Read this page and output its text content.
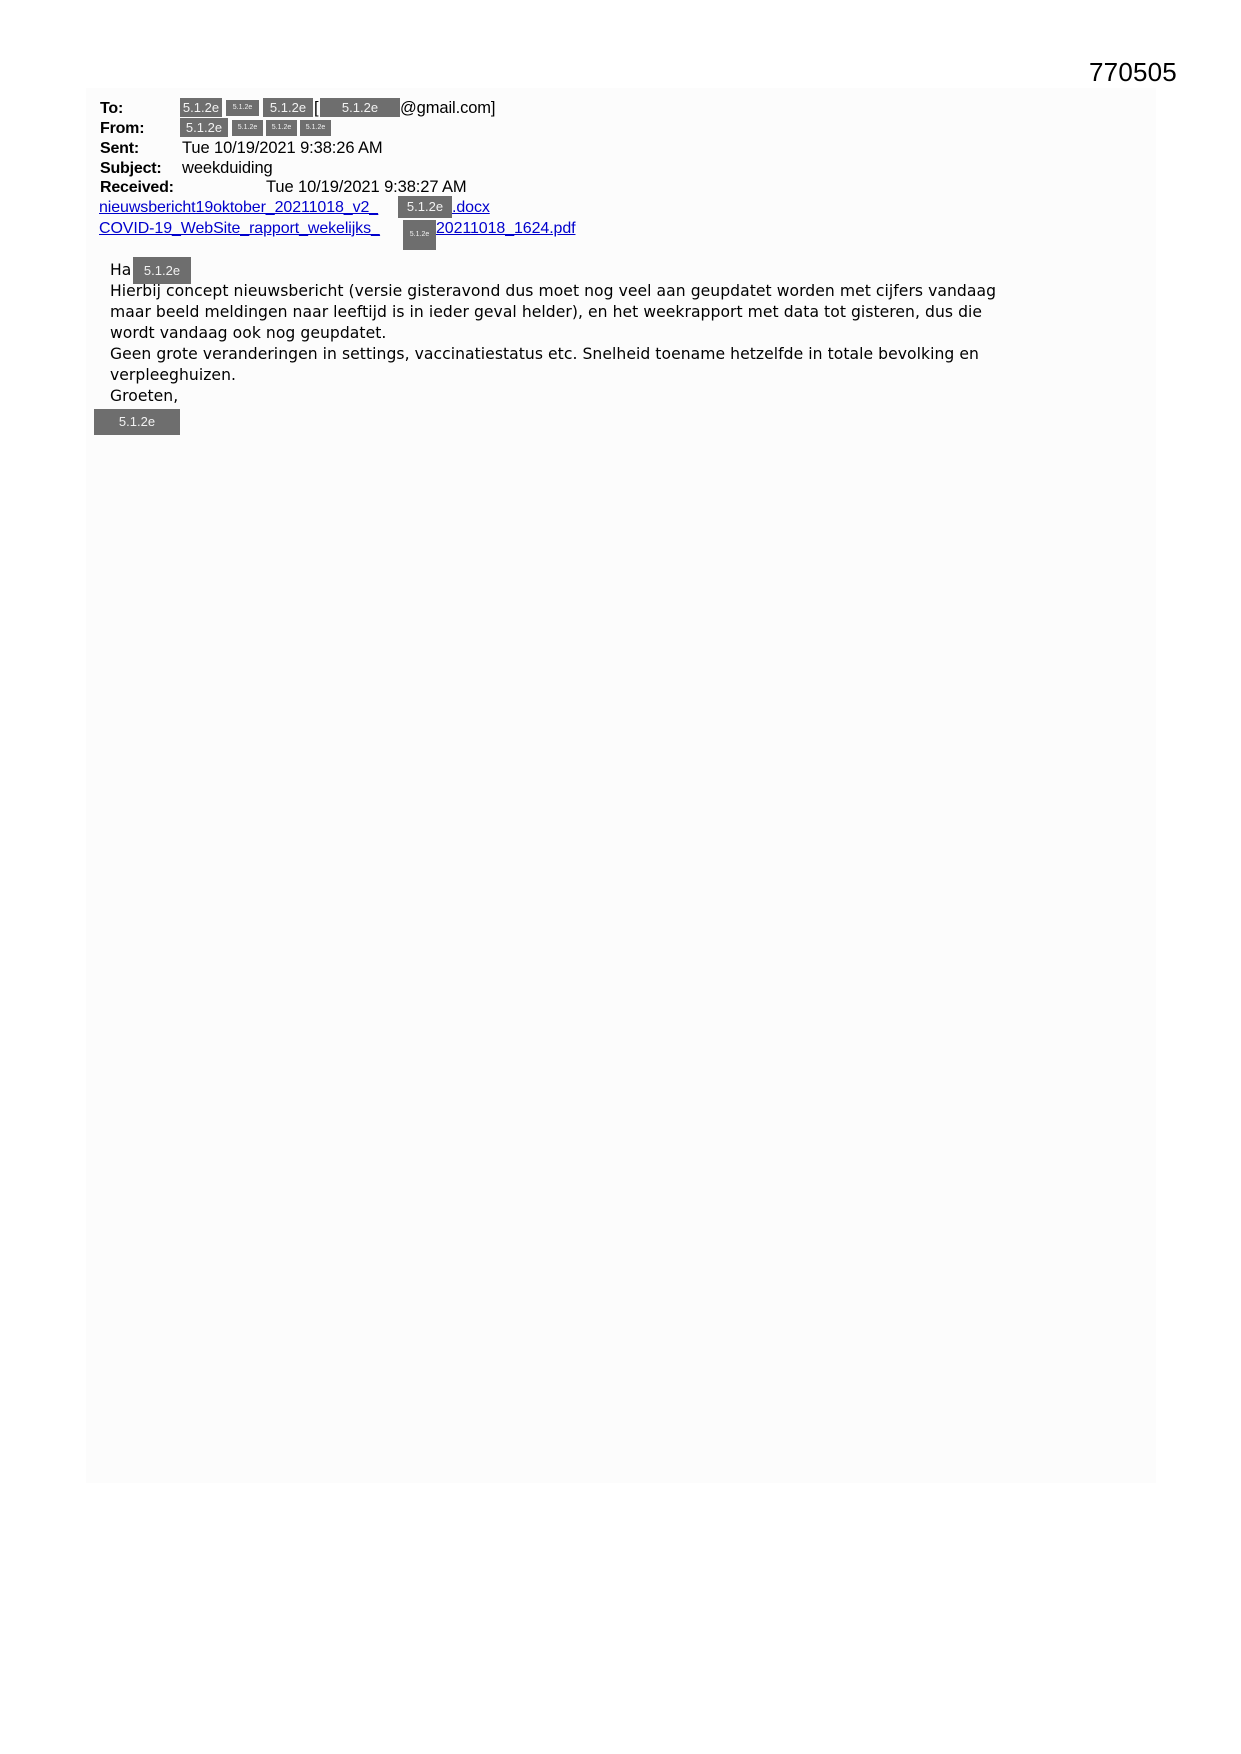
770505
To:	5.1.2e	5.1.2e	5.1.2e [	5.1.2e	@gmail.com]
From:	5.1.2e	5.1.2e	5.1.2e	5.1.2e
Sent:	Tue 10/19/2021 9:38:26 AM
Subject: weekduiding
Received:	Tue 10/19/2021 9:38:27 AM
nieuwsbericht19oktober_20211018_v2_	5.1.2e .docx
COVID-19_WebSite_rapport_wekelijks_	5.1.2e 20211018_1624.pdf
Ha 5.1.2e
Hierbij concept nieuwsbericht (versie gisteravond dus moet nog veel aan geupdatet worden met cijfers vandaag
maar beeld meldingen naar leeftijd is in ieder geval helder), en het weekrapport met data tot gisteren, dus die
wordt vandaag ook nog geupdatet.
Geen grote veranderingen in settings, vaccinatiestatus etc. Snelheid toename hetzelfde in totale bevolking en
verpleeghuizen.
Groeten,
5.1.2e
